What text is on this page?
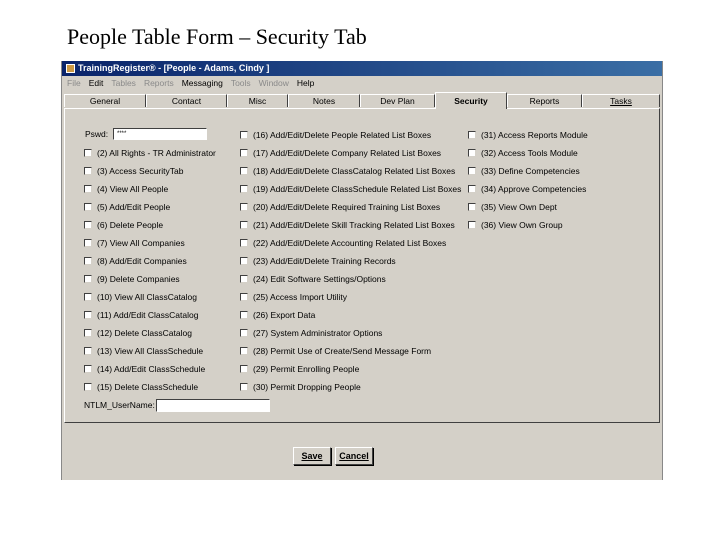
People Table Form – Security Tab
TrainingRegister® - [People - Adams, Cindy ]
File Edit Tables Reports Messaging Tools Window Help
General	Contact	Misc	Notes	Dev Plan	Security	Reports	Tasks
Pswd:	****
(2) All Rights - TR Administrator
(3) Access SecurityTab
(4) View All People
(5) Add/Edit People
(6) Delete People
(7) View All Companies
(8) Add/Edit Companies
(9) Delete Companies
(10) View All ClassCatalog
(11) Add/Edit ClassCatalog
(12) Delete ClassCatalog
(13) View All ClassSchedule
(14) Add/Edit ClassSchedule
(15) Delete ClassSchedule
(16) Add/Edit/Delete People Related List Boxes
(17) Add/Edit/Delete Company Related List Boxes
(18) Add/Edit/Delete ClassCatalog Related List Boxes
(19) Add/Edit/Delete ClassSchedule Related List Boxes
(20) Add/Edit/Delete Required Training List Boxes
(21) Add/Edit/Delete Skill Tracking Related List Boxes
(22) Add/Edit/Delete Accounting Related List Boxes
(23) Add/Edit/Delete Training Records
(24) Edit Software Settings/Options
(25) Access Import Utility
(26) Export Data
(27) System Administrator Options
(28) Permit Use of Create/Send Message Form
(29) Permit Enrolling People
(30) Permit Dropping People
(31) Access Reports Module
(32) Access Tools Module
(33) Define Competencies
(34) Approve Competencies
(35) View Own Dept
(36) View Own Group
NTLM_UserName:
Save	Cancel
